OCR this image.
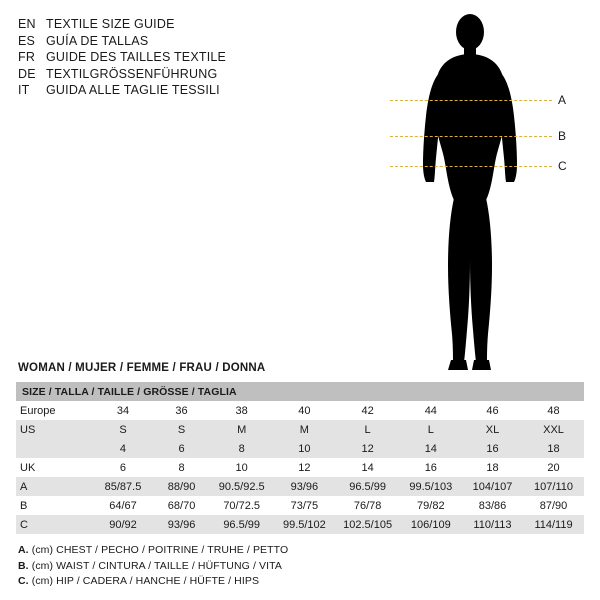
EN TEXTILE SIZE GUIDE
ES GUÍA DE TALLAS
FR GUIDE DES TAILLES TEXTILE
DE TEXTILGRÖSSENFÜHRUNG
IT	GUIDA ALLE TAGLIE TESSILI
A
B
C
WOMAN / MUJER / FEMME / FRAU / DONNA
SIZE / TALLA / TAILLE / GRÖSSE / TAGLIA								
Europe	34	36	38	40	42	44	46	48
US	S	S	M	M	L	L	XL	XXL
	4	6	8	10	12	14	16	18
UK	6	8	10	12	14	16	18	20
A	85/87.5	88/90	90.5/92.5	93/96	96.5/99	99.5/103	104/107	107/110
B	64/67	68/70	70/72.5	73/75	76/78	79/82	83/86	87/90
C	90/92	93/96	96.5/99	99.5/102	102.5/105	106/109	110/113	114/119
A. (cm) CHEST / PECHO / POITRINE / TRUHE / PETTO
B. (cm) WAIST / CINTURA / TAILLE / HÜFTUNG / VITA
C. (cm) HIP / CADERA / HANCHE / HÜFTE / HIPS
